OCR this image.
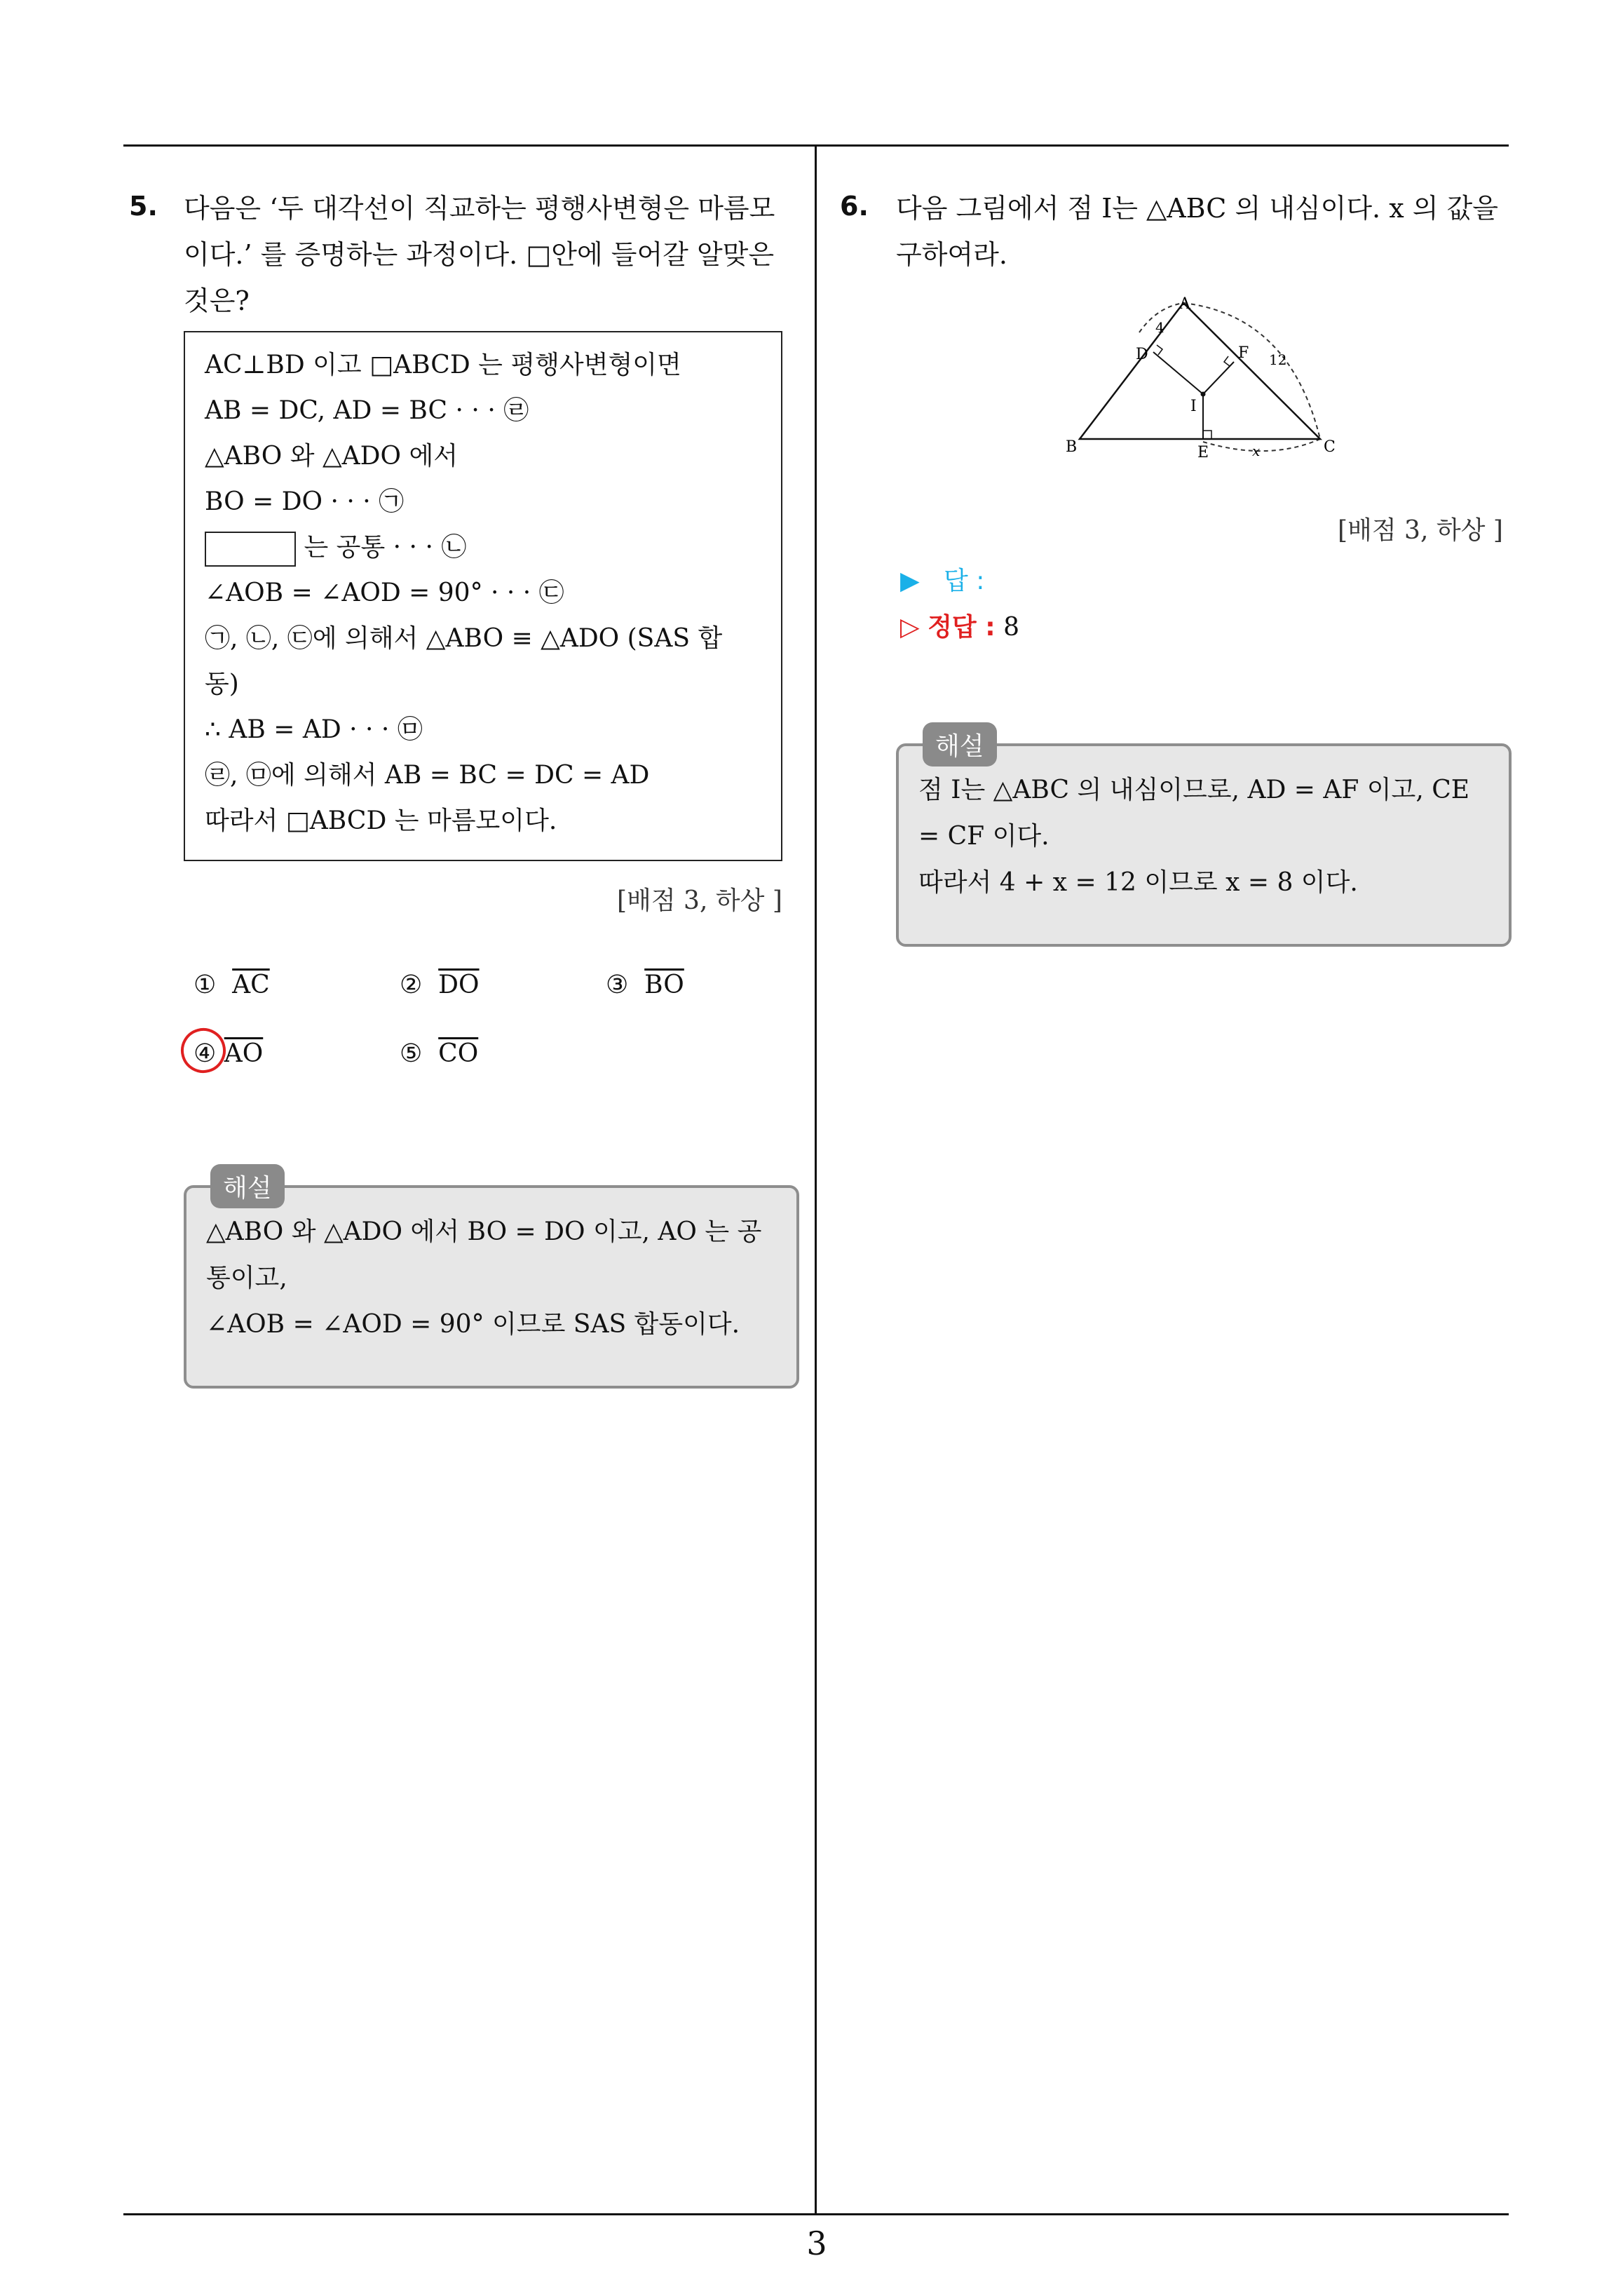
5. 다음은 ‘두 대각선이 직교하는 평행사변형은 마름모
이다.’ 를 증명하는 과정이다. □안에 들어갈 알맞은
것은?
AC⊥BD 이고 □ABCD 는 평행사변형이면
AB = DC, AD = BC · · · ㉣
△ABO 와 △ADO 에서
BO = DO · · · ㉠
는 공통 · · · ㉡
∠AOB = ∠AOD = 90° · · · ㉢
㉠, ㉡, ㉢에 의해서 △ABO ≡ △ADO (SAS 합
동)
∴ AB = AD · · · ㉤
㉣, ㉤에 의해서 AB = BC = DC = AD
따라서 □ABCD 는 마름모이다.
[배점 3, 하상 ]
① $\overline{AC}$	② $\overline{DO}$	③ $\overline{BO}$
④ $\overline{AO}$	⑤ $\overline{CO}$
△ABO 와 △ADO 에서 BO = DO 이고, AO 는 공
통이고,
∠AOB = ∠AOD = 90° 이므로 SAS 합동이다.
해설
6. 다음 그림에서 점 I는 △ABC 의 내심이다. x 의 값을
구하여라.
A
B	C
D
E
F
I
4
12
x
[배점 3, 하상 ]
▶ 답 :
▷ 정답 : 8
점 I는 △ABC 의 내심이므로, AD = AF 이고, CE
= CF 이다.
따라서 4 + x = 12 이므로 x = 8 이다.
해설
3
